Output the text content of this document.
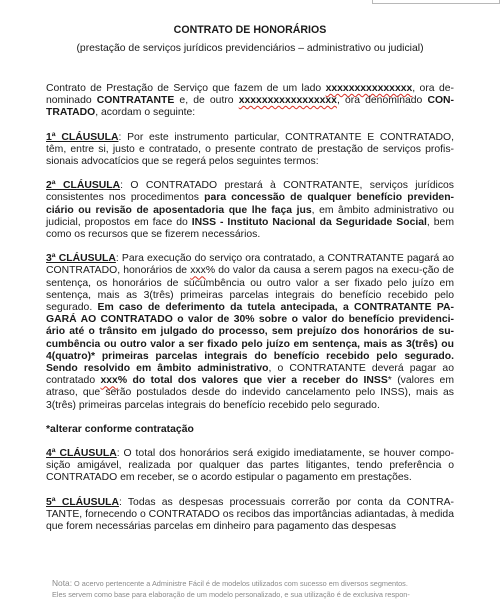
CONTRATO DE HONORÁRIOS
(prestação de serviços jurídicos previdenciários – administrativo ou judicial)

Contrato de Prestação de Serviço que fazem de um lado xxxxxxxxxxxxxxx, ora de-nominado CONTRATANTE e, de outro xxxxxxxxxxxxxxxxx, ora denominado CON-TRATADO, acordam o seguinte:

1ª CLÁUSULA: Por este instrumento particular, CONTRATANTE E CONTRATADO, têm, entre si, justo e contratado, o presente contrato de prestação de serviços profis-sionais advocatícios que se regerá pelos seguintes termos:

2ª CLÁUSULA: O CONTRATADO prestará à CONTRATANTE, serviços jurídicos consistentes nos procedimentos para concessão de qualquer benefício previden-ciário ou revisão de aposentadoria que lhe faça jus, em âmbito administrativo ou judicial, propostos em face do INSS - Instituto Nacional da Seguridade Social, bem como os recursos que se fizerem necessários.

3ª CLÁUSULA: Para execução do serviço ora contratado, a CONTRATANTE pagará ao CONTRATADO, honorários de xxx% do valor da causa a serem pagos na execu-ção de sentença, os honorários de sucumbência ou outro valor a ser fixado pelo juízo em sentença, mais as 3(três) primeiras parcelas integrais do benefício recebido pelo segurado. Em caso de deferimento da tutela antecipada, a CONTRATANTE PA-GARÁ AO CONTRATADO o valor de 30% sobre o valor do benefício previdenci-ário até o trânsito em julgado do processo, sem prejuízo dos honorários de su-cumbência ou outro valor a ser fixado pelo juízo em sentença, mais as 3(três) ou 4(quatro)* primeiras parcelas integrais do benefício recebido pelo segurado. Sendo resolvido em âmbito administrativo, o CONTRATANTE deverá pagar ao contratado xxx% do total dos valores que vier a receber do INSS* (valores em atraso, que serão postulados desde do indevido cancelamento pelo INSS), mais as 3(três) primeiras parcelas integrais do benefício recebido pelo segurado.

*alterar conforme contratação

4ª CLÁUSULA: O total dos honorários será exigido imediatamente, se houver compo-sição amigável, realizada por qualquer das partes litigantes, tendo preferência o CONTRATADO em receber, se o acordo estipular o pagamento em prestações.

5ª CLÁUSULA: Todas as despesas processuais correrão por conta da CONTRA-TANTE, fornecendo o CONTRATADO os recibos das importâncias adiantadas, à medida que forem necessárias parcelas em dinheiro para pagamento das despesas

Nota: O acervo pertencente a Administre Fácil é de modelos utilizados com sucesso em diversos segmentos.
Eles servem como base para elaboração de um modelo personalizado, e sua utilização é de exclusiva respon-
